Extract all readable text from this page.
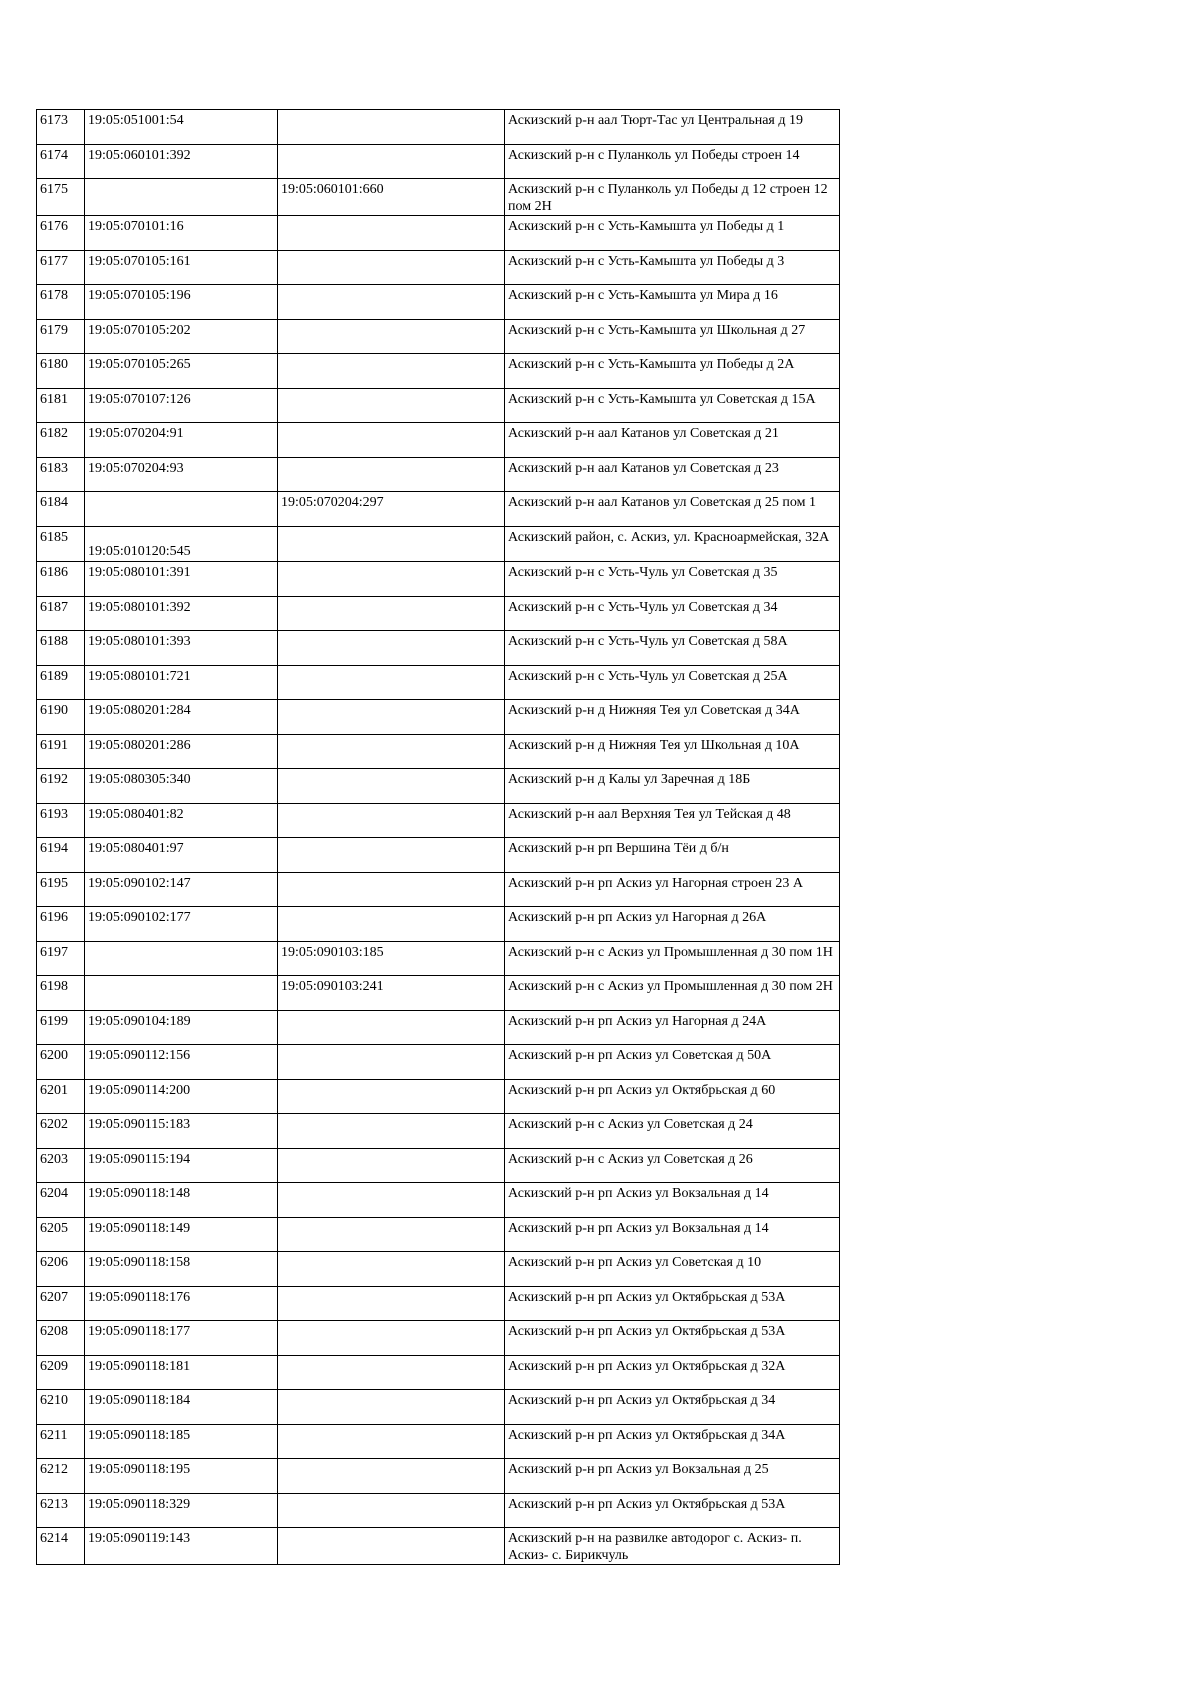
6173	19:05:051001:54		Аскизский р-н аал Тюрт-Тас ул Центральная д 19
6174	19:05:060101:392		Аскизский р-н с Пуланколь ул Победы строен 14
6175		19:05:060101:660	Аскизский р-н с Пуланколь ул Победы д 12 строен 12 пом 2Н
6176	19:05:070101:16		Аскизский р-н с Усть-Камышта ул Победы д 1
6177	19:05:070105:161		Аскизский р-н с Усть-Камышта ул Победы д 3
6178	19:05:070105:196		Аскизский р-н с Усть-Камышта ул Мира д 16
6179	19:05:070105:202		Аскизский р-н с Усть-Камышта ул Школьная д 27
6180	19:05:070105:265		Аскизский р-н с Усть-Камышта ул Победы д 2А
6181	19:05:070107:126		Аскизский р-н с Усть-Камышта ул Советская д 15А
6182	19:05:070204:91		Аскизский р-н аал Катанов ул Советская д 21
6183	19:05:070204:93		Аскизский р-н аал Катанов ул Советская д 23
6184		19:05:070204:297	Аскизский р-н аал Катанов ул Советская д 25 пом 1
6185	19:05:010120:545		Аскизский район, с. Аскиз, ул. Красноармейская, 32А
6186	19:05:080101:391		Аскизский р-н с Усть-Чуль ул Советская д 35
6187	19:05:080101:392		Аскизский р-н с Усть-Чуль ул Советская д 34
6188	19:05:080101:393		Аскизский р-н с Усть-Чуль ул Советская д 58А
6189	19:05:080101:721		Аскизский р-н с Усть-Чуль ул Советская д 25А
6190	19:05:080201:284		Аскизский р-н д Нижняя Тея ул Советская д 34А
6191	19:05:080201:286		Аскизский р-н д Нижняя Тея ул Школьная д 10А
6192	19:05:080305:340		Аскизский р-н д Калы ул Заречная д 18Б
6193	19:05:080401:82		Аскизский р-н аал Верхняя Тея ул Тейская д 48
6194	19:05:080401:97		Аскизский р-н рп Вершина Тёи д б/н
6195	19:05:090102:147		Аскизский р-н рп Аскиз ул Нагорная строен 23 А
6196	19:05:090102:177		Аскизский р-н рп Аскиз ул Нагорная д 26А
6197		19:05:090103:185	Аскизский р-н с Аскиз ул Промышленная д 30 пом 1Н
6198		19:05:090103:241	Аскизский р-н с Аскиз ул Промышленная д 30 пом 2Н
6199	19:05:090104:189		Аскизский р-н рп Аскиз ул Нагорная д 24А
6200	19:05:090112:156		Аскизский р-н рп Аскиз ул Советская д 50А
6201	19:05:090114:200		Аскизский р-н рп Аскиз ул Октябрьская д 60
6202	19:05:090115:183		Аскизский р-н с Аскиз ул Советская д 24
6203	19:05:090115:194		Аскизский р-н с Аскиз ул Советская д 26
6204	19:05:090118:148		Аскизский р-н рп Аскиз ул Вокзальная д 14
6205	19:05:090118:149		Аскизский р-н рп Аскиз ул Вокзальная д 14
6206	19:05:090118:158		Аскизский р-н рп Аскиз ул Советская д 10
6207	19:05:090118:176		Аскизский р-н рп Аскиз ул Октябрьская д 53А
6208	19:05:090118:177		Аскизский р-н рп Аскиз ул Октябрьская д 53А
6209	19:05:090118:181		Аскизский р-н рп Аскиз ул Октябрьская д 32А
6210	19:05:090118:184		Аскизский р-н рп Аскиз ул Октябрьская д 34
6211	19:05:090118:185		Аскизский р-н рп Аскиз ул Октябрьская д 34А
6212	19:05:090118:195		Аскизский р-н рп Аскиз ул Вокзальная д 25
6213	19:05:090118:329		Аскизский р-н рп Аскиз ул Октябрьская д 53А
6214	19:05:090119:143		Аскизский р-н на развилке автодорог с. Аскиз- п. Аскиз- с. Бирикчуль
